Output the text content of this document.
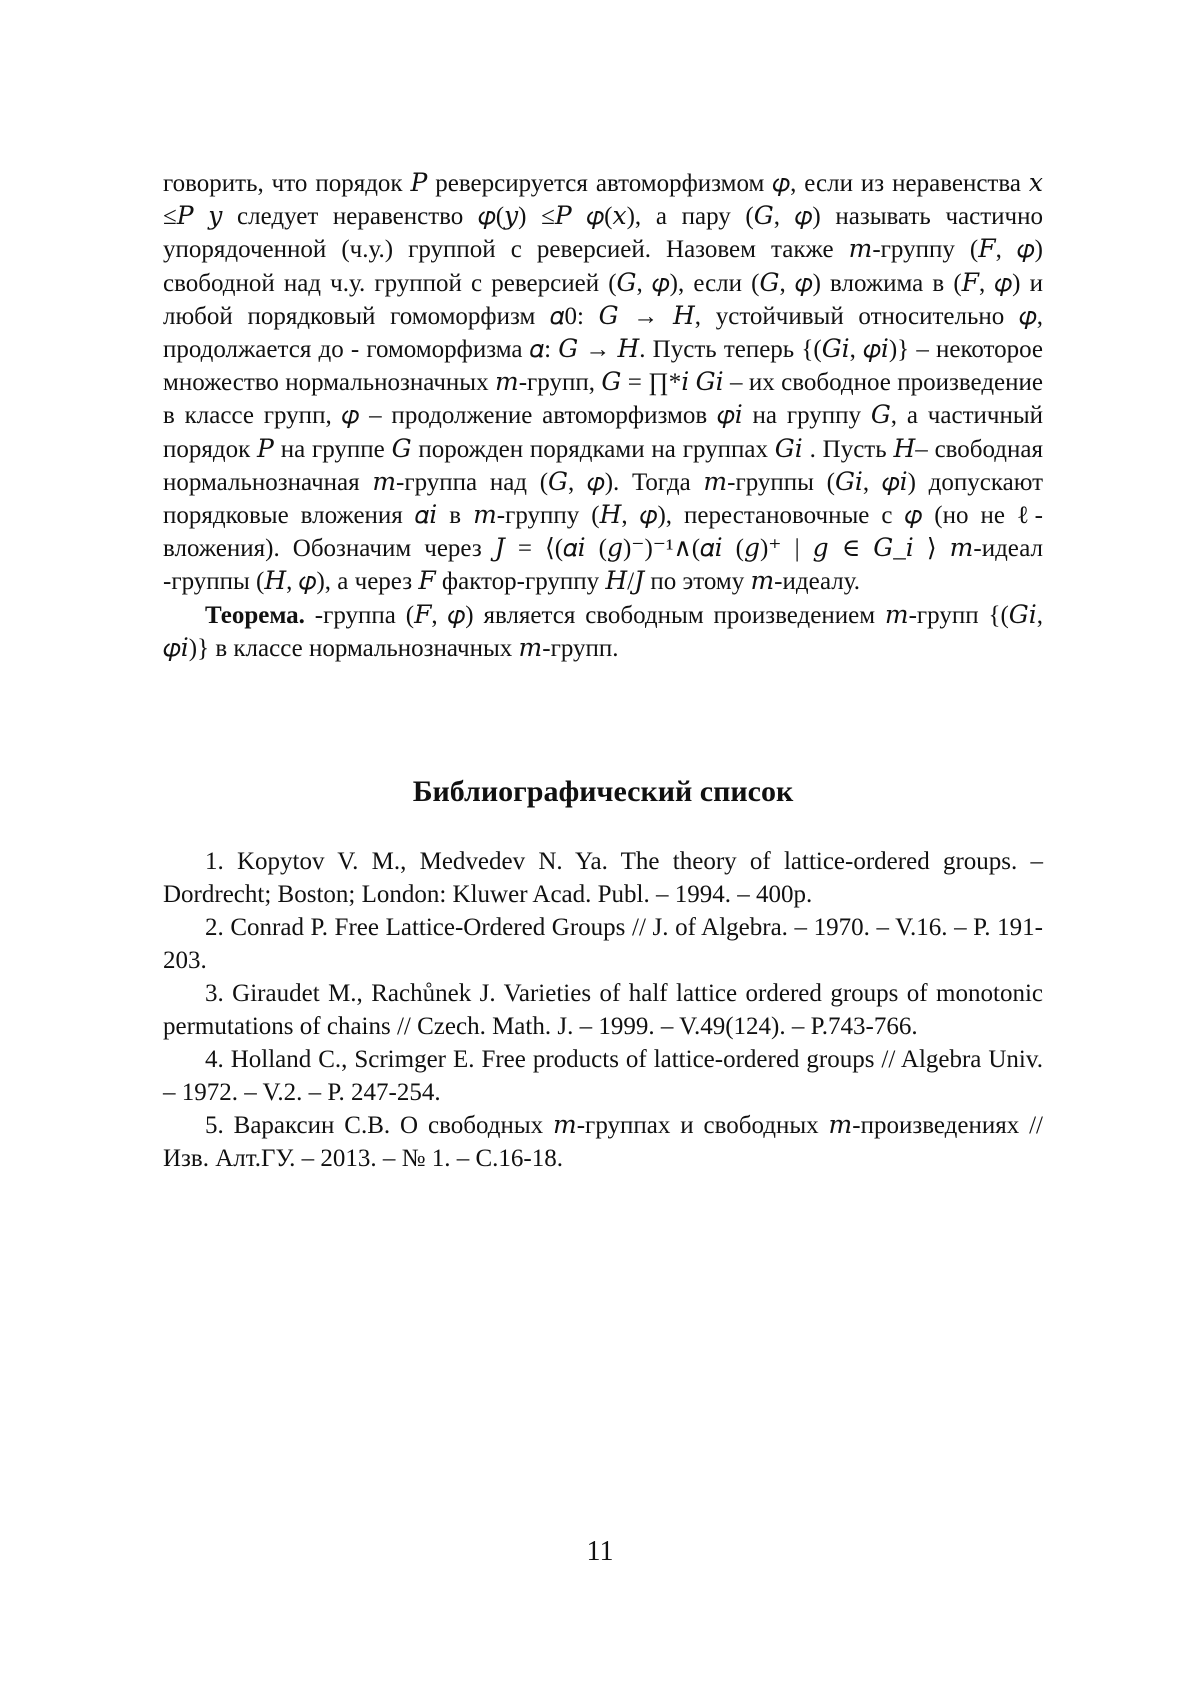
говорить, что порядок 𝑃 реверсируется автоморфизмом 𝜑, если из неравенства 𝑥 ≤𝑃 𝑦 следует неравенство 𝜑(𝑦) ≤𝑃 𝜑(𝑥), а пару (𝐺, 𝜑) называть частично упорядоченной (ч.у.) группой с реверсией. Назовем также 𝑚-группу (𝐹, 𝜑) свободной над ч.у. группой с реверсией (𝐺, 𝜑), если (𝐺, 𝜑) вложима в (𝐹, 𝜑) и любой порядковый гомоморфизм 𝛼0: 𝐺 → 𝐻, устойчивый относительно 𝜑, продолжается до - гомоморфизма 𝛼: 𝐺 → 𝐻. Пусть теперь {(𝐺𝑖, 𝜑𝑖)} – некоторое множество нормальнозначных 𝑚-групп, 𝐺 = ∏*𝑖 𝐺𝑖 – их свободное произведение в классе групп, 𝜑 – продолжение автоморфизмов 𝜑𝑖 на группу 𝐺, а частичный порядок 𝑃 на группе 𝐺 порожден порядками на группах 𝐺𝑖 . Пусть 𝐻– свободная нормальнозначная 𝑚-группа над (𝐺, 𝜑). Тогда 𝑚-группы (𝐺𝑖, 𝜑𝑖) допускают порядковые вложения 𝛼𝑖 в 𝑚-группу (𝐻, 𝜑), перестановочные с 𝜑 (но не ℓ-вложения). Обозначим через 𝐽 = ⟨(𝛼𝑖 (𝑔)⁻)⁻¹∧(𝛼𝑖 (𝑔)⁺ | 𝑔 ∈ 𝐺_𝑖 ⟩ 𝑚-идеал -группы (𝐻, 𝜑), а через 𝐹 фактор-группу 𝐻/𝐽 по этому 𝑚-идеалу.

Теорема. -группа (𝐹, 𝜑) является свободным произведением 𝑚-групп {(𝐺𝑖, 𝜑𝑖)} в классе нормальнозначных 𝑚-групп.

Библиографический список
1. Kopytov V. M., Medvedev N. Ya. The theory of lattice-ordered groups. – Dordrecht; Boston; London: Kluwer Acad. Publ. – 1994. – 400p.
2. Conrad P. Free Lattice-Ordered Groups // J. of Algebra. – 1970. – V.16. – P. 191-203.
3. Giraudet M., Rachůnek J. Varieties of half lattice ordered groups of monotonic permutations of chains // Czech. Math. J. – 1999. – V.49(124). – P.743-766.
4. Holland C., Scrimger E. Free products of lattice-ordered groups // Algebra Univ. – 1972. – V.2. – P. 247-254.
5. Вараксин С.В. О свободных 𝑚-группах и свободных 𝑚-произведениях // Изв. Алт.ГУ. – 2013. – № 1. – С.16-18.
11
